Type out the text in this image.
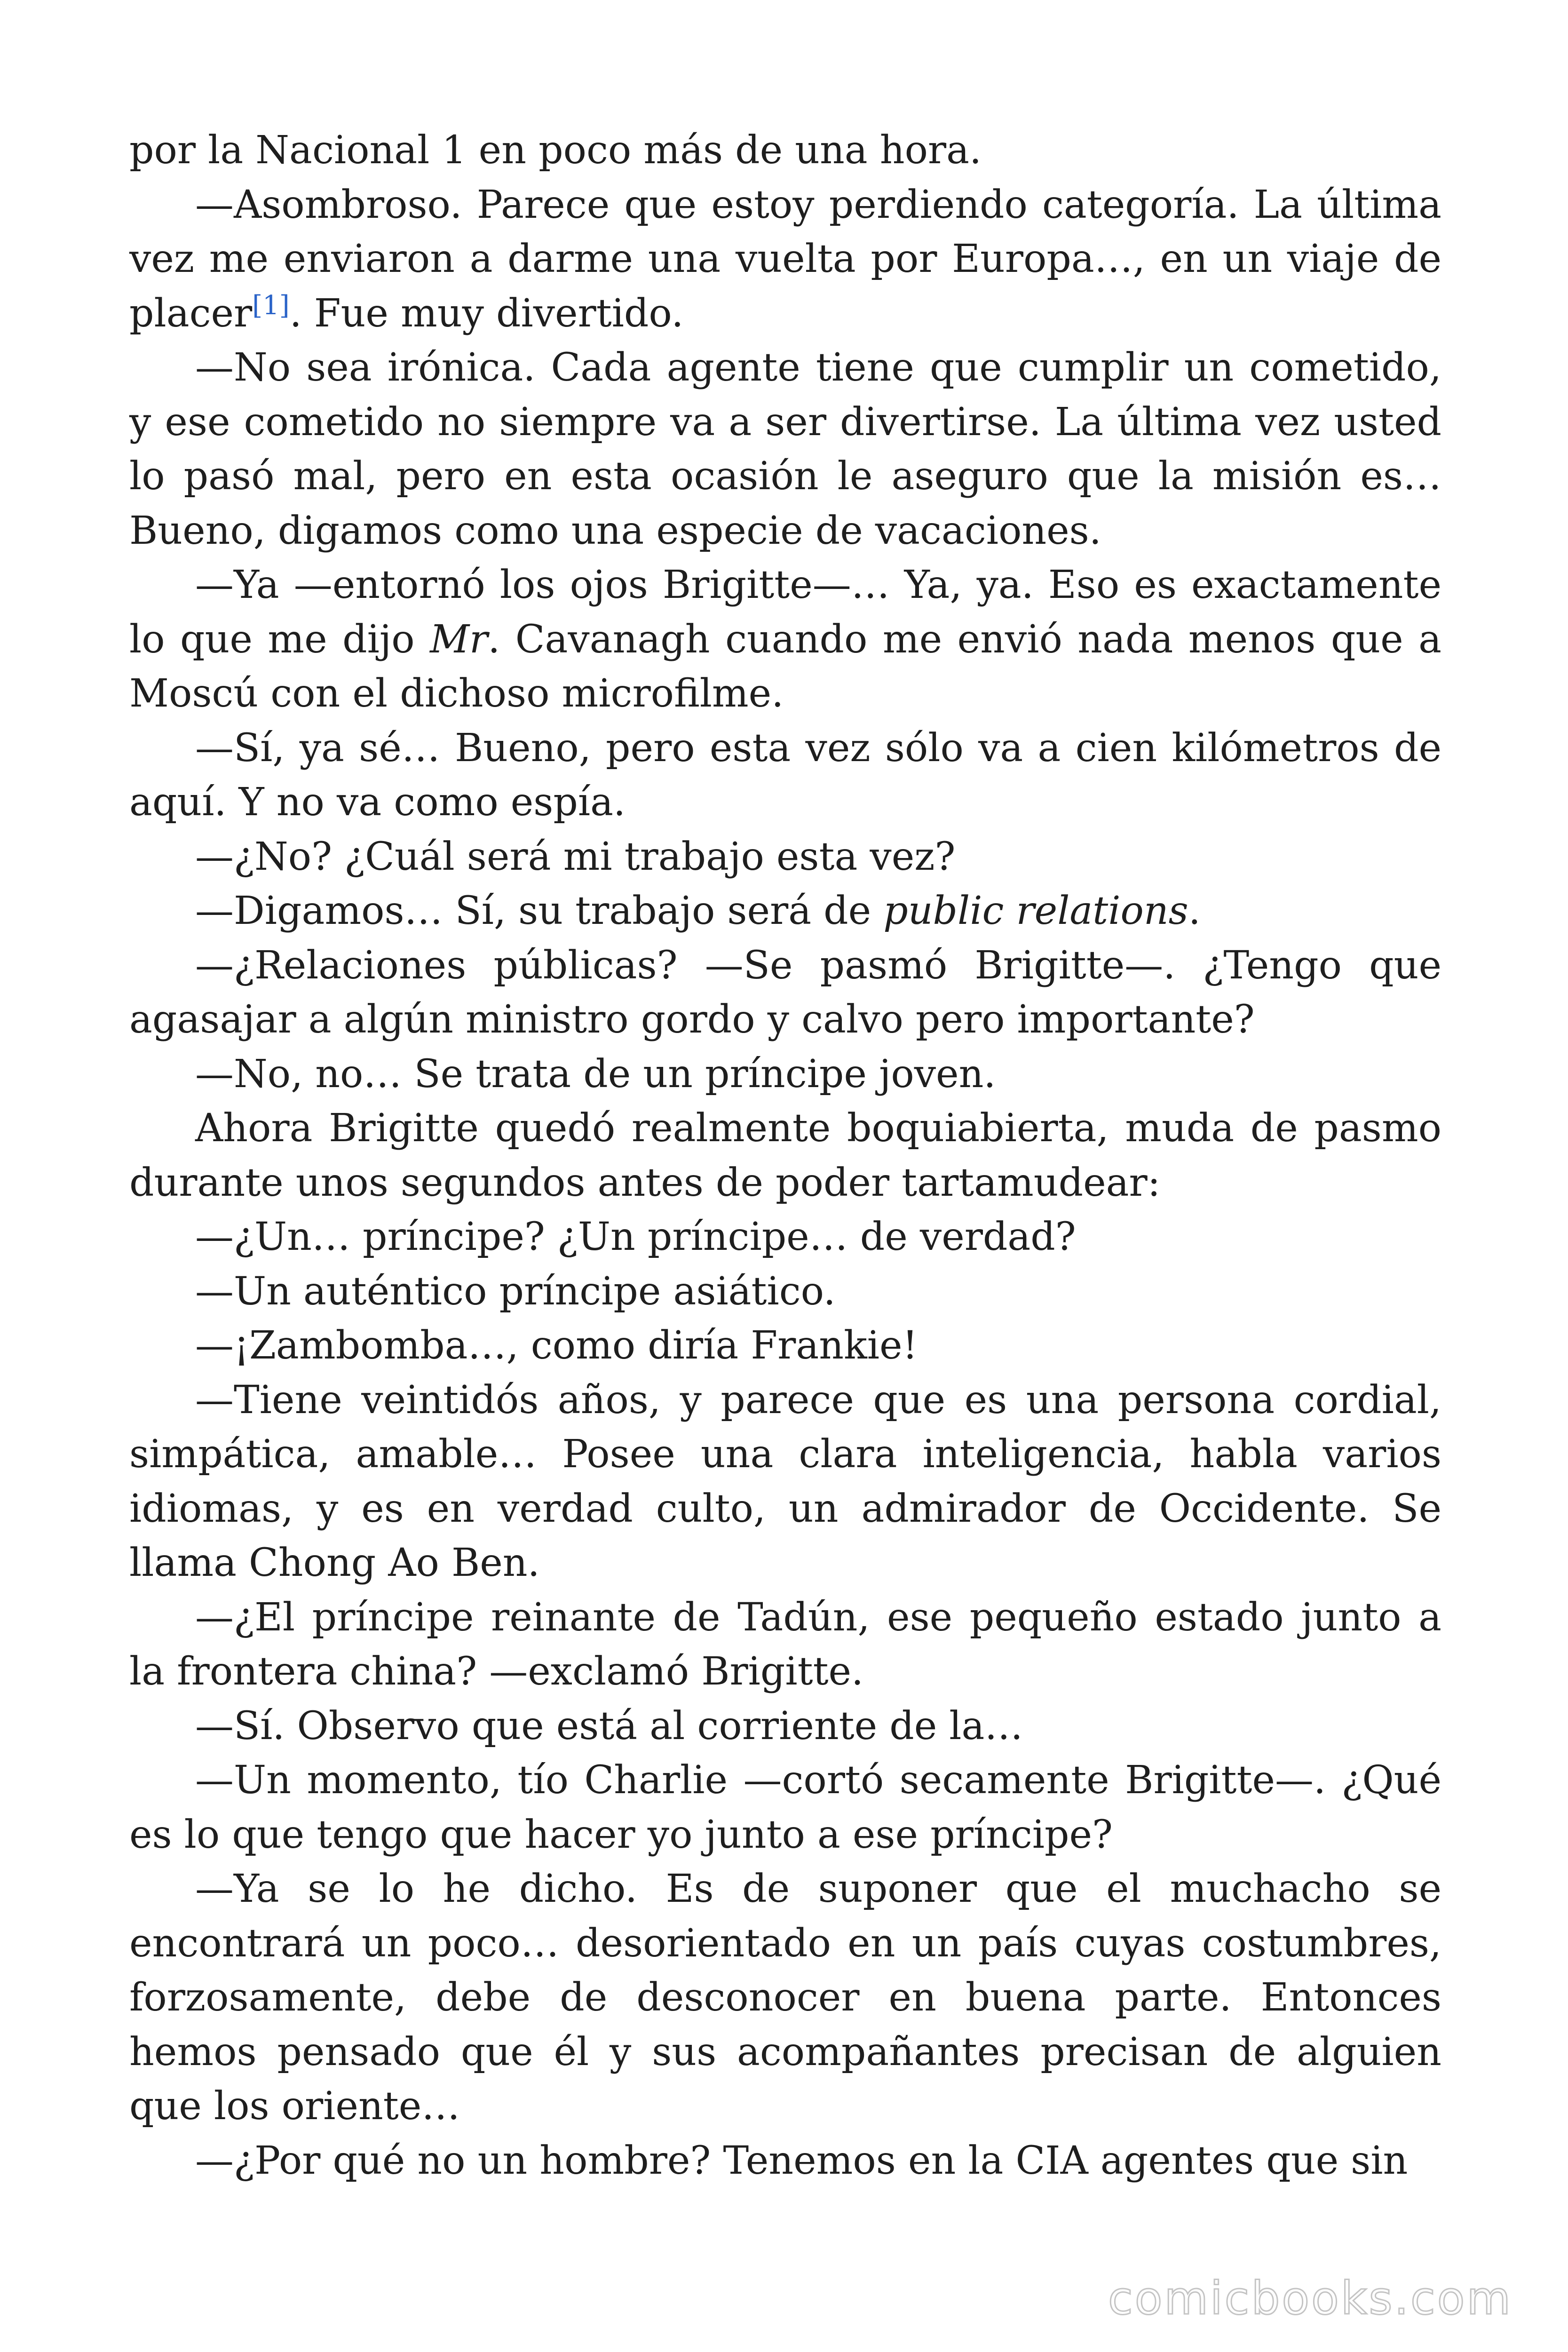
por la Nacional 1 en poco más de una hora.

—Asombroso. Parece que estoy perdiendo categoría. La última vez me enviaron a darme una vuelta por Europa…, en un viaje de placer[1]. Fue muy divertido.

—No sea irónica. Cada agente tiene que cumplir un cometido, y ese cometido no siempre va a ser divertirse. La última vez usted lo pasó mal, pero en esta ocasión le aseguro que la misión es… Bueno, digamos como una especie de vacaciones.

—Ya —entornó los ojos Brigitte—… Ya, ya. Eso es exactamente lo que me dijo Mr. Cavanagh cuando me envió nada menos que a Moscú con el dichoso microfilme.

—Sí, ya sé… Bueno, pero esta vez sólo va a cien kilómetros de aquí. Y no va como espía.

—¿No? ¿Cuál será mi trabajo esta vez?

—Digamos… Sí, su trabajo será de public relations.

—¿Relaciones públicas? —Se pasmó Brigitte—. ¿Tengo que agasajar a algún ministro gordo y calvo pero importante?

—No, no… Se trata de un príncipe joven.

Ahora Brigitte quedó realmente boquiabierta, muda de pasmo durante unos segundos antes de poder tartamudear:

—¿Un… príncipe? ¿Un príncipe… de verdad?

—Un auténtico príncipe asiático.

—¡Zambomba…, como diría Frankie!

—Tiene veintidós años, y parece que es una persona cordial, simpática, amable… Posee una clara inteligencia, habla varios idiomas, y es en verdad culto, un admirador de Occidente. Se llama Chong Ao Ben.

—¿El príncipe reinante de Tadún, ese pequeño estado junto a la frontera china? —exclamó Brigitte.

—Sí. Observo que está al corriente de la…

—Un momento, tío Charlie —cortó secamente Brigitte—. ¿Qué es lo que tengo que hacer yo junto a ese príncipe?

—Ya se lo he dicho. Es de suponer que el muchacho se encontrará un poco… desorientado en un país cuyas costumbres, forzosamente, debe de desconocer en buena parte. Entonces hemos pensado que él y sus acompañantes precisan de alguien que los oriente…

—¿Por qué no un hombre? Tenemos en la CIA agentes que sin

comicbooks.com
